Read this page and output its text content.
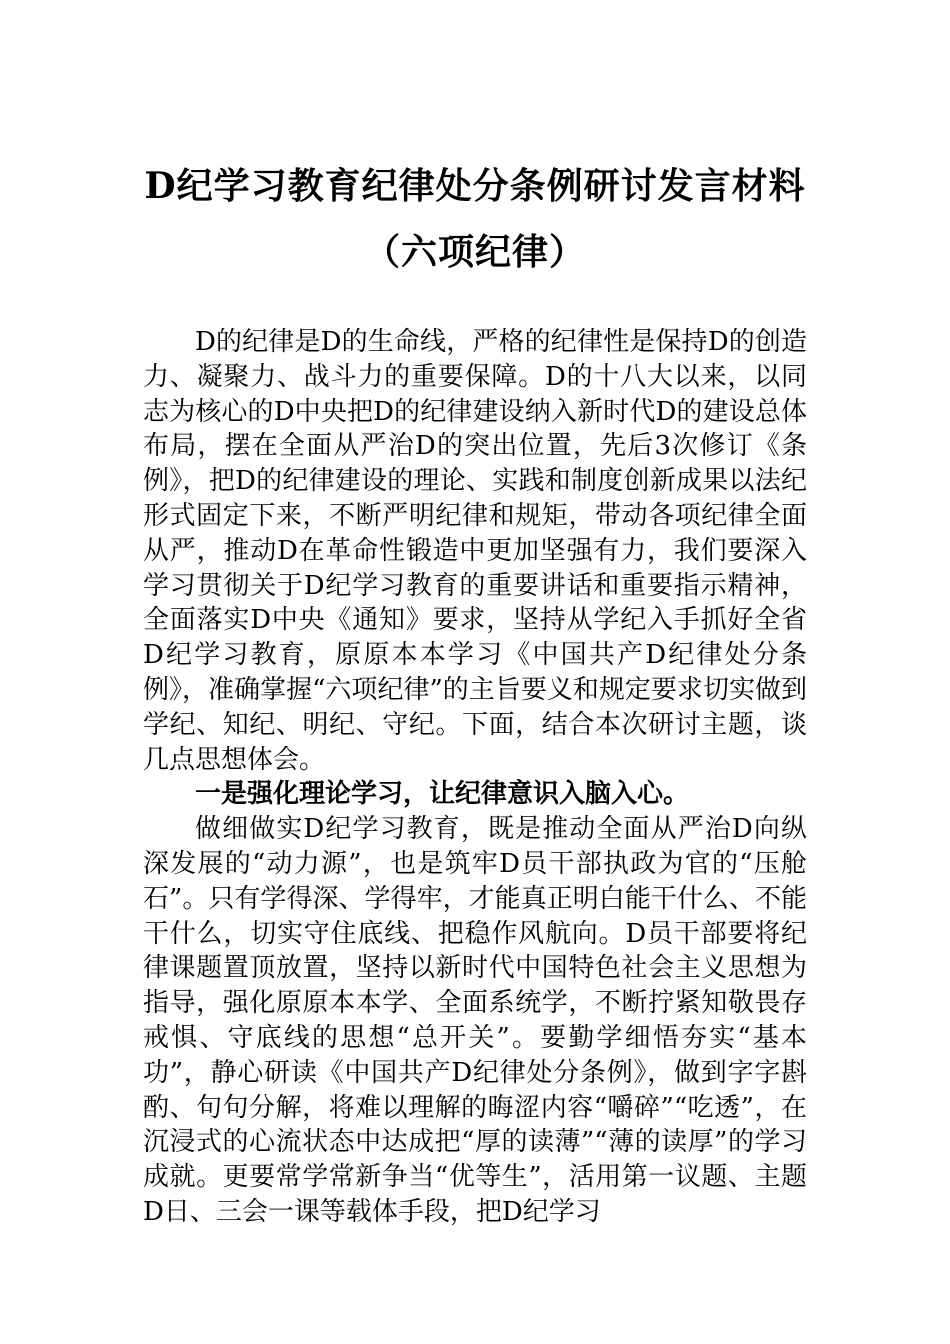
D纪学习教育纪律处分条例研讨发言材料
（六项纪律）

D的纪律是D的生命线，严格的纪律性是保持D的创造力、凝聚力、战斗力的重要保障。D的十八大以来，以同志为核心的D中央把D的纪律建设纳入新时代D的建设总体布局，摆在全面从严治D的突出位置，先后3次修订《条例》，把D的纪律建设的理论、实践和制度创新成果以法纪形式固定下来，不断严明纪律和规矩，带动各项纪律全面从严，推动D在革命性锻造中更加坚强有力，我们要深入学习贯彻关于D纪学习教育的重要讲话和重要指示精神，全面落实D中央《通知》要求，坚持从学纪入手抓好全省D纪学习教育，原原本本学习《中国共产D纪律处分条例》，准确掌握“六项纪律”的主旨要义和规定要求切实做到学纪、知纪、明纪、守纪。下面，结合本次研讨主题，谈几点思想体会。

一是强化理论学习，让纪律意识入脑入心。

做细做实D纪学习教育，既是推动全面从严治D向纵深发展的“动力源”，也是筑牢D员干部执政为官的“压舱石”。只有学得深、学得牢，才能真正明白能干什么、不能干什么，切实守住底线、把稳作风航向。D员干部要将纪律课题置顶放置，坚持以新时代中国特色社会主义思想为指导，强化原原本本学、全面系统学，不断拧紧知敬畏存戒惧、守底线的思想“总开关”。要勤学细悟夯实“基本功”，静心研读《中国共产D纪律处分条例》，做到字字斟酌、句句分解，将难以理解的晦涩内容“嚼碎”“吃透”，在沉浸式的心流状态中达成把“厚的读薄”“薄的读厚”的学习成就。更要常学常新争当“优等生”，活用第一议题、主题D日、三会一课等载体手段，把D纪学习
